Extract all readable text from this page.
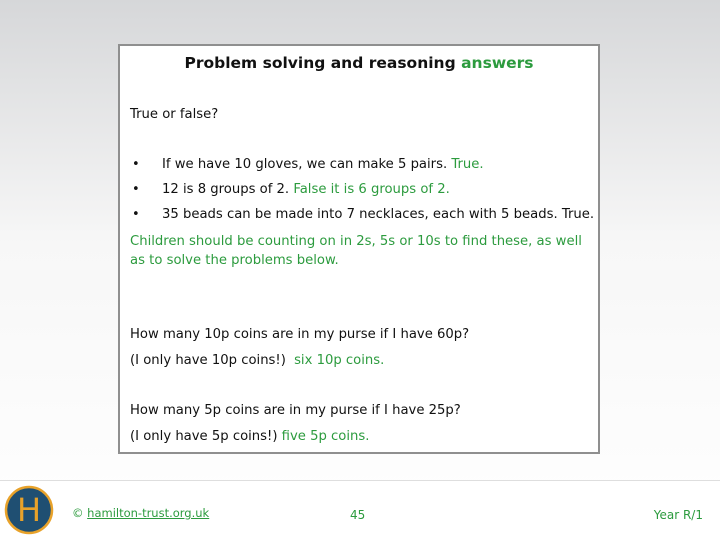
Problem solving and reasoning answers
True or false?
• If we have 10 gloves, we can make 5 pairs. True.
• 12 is 8 groups of 2. False it is 6 groups of 2.
• 35 beads can be made into 7 necklaces, each with 5 beads. True.
Children should be counting on in 2s, 5s or 10s to find these, as well as to solve the problems below.
How many 10p coins are in my purse if I have 60p?
(I only have 10p coins!) six 10p coins.
How many 5p coins are in my purse if I have 25p?
(I only have 5p coins!) five 5p coins.
H	© hamilton-trust.org.uk	45	Year R/1
